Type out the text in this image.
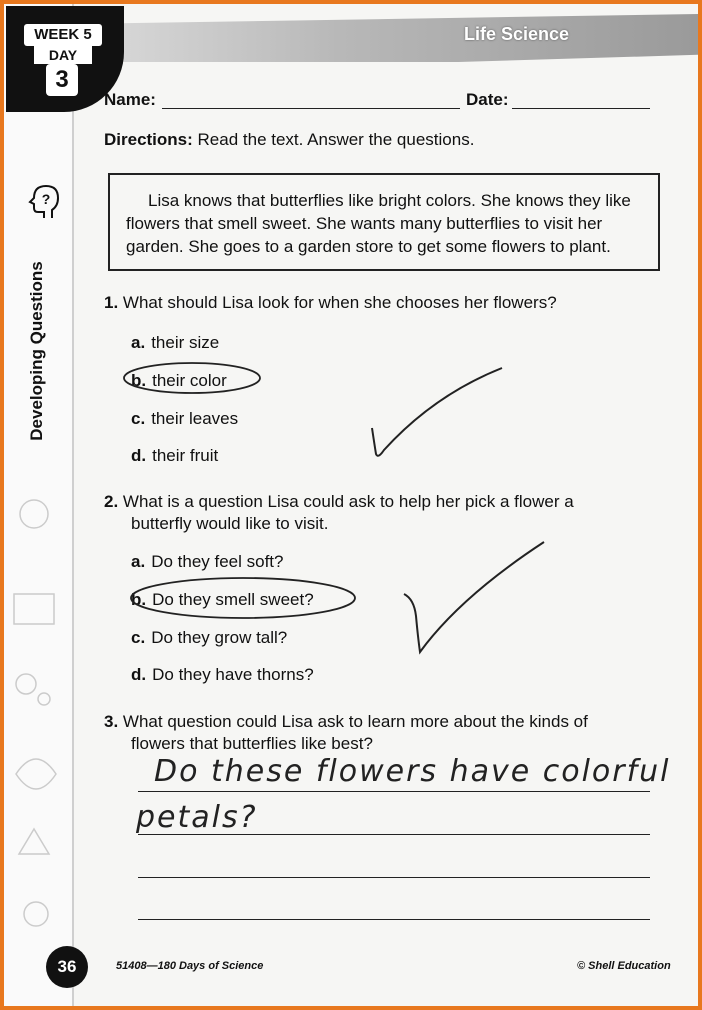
?
Developing Questions
Life Science
WEEK 5
DAY
3
Name:	Date:
Directions: Read the text. Answer the questions.
Lisa knows that butterflies like bright colors. She knows they like flowers that smell sweet. She wants many butterflies to visit her garden. She goes to a garden store to get some flowers to plant.
1. What should Lisa look for when she chooses her flowers?
a. their size
b. their color
c. their leaves
d. their fruit
2. What is a question Lisa could ask to help her pick a flower a
butterfly would like to visit.
a. Do they feel soft?
b. Do they smell sweet?
c. Do they grow tall?
d. Do they have thorns?
3. What question could Lisa ask to learn more about the kinds of
flowers that butterflies like best?
Do these flowers have colorful
petals?
36	51408—180 Days of Science	© Shell Education
